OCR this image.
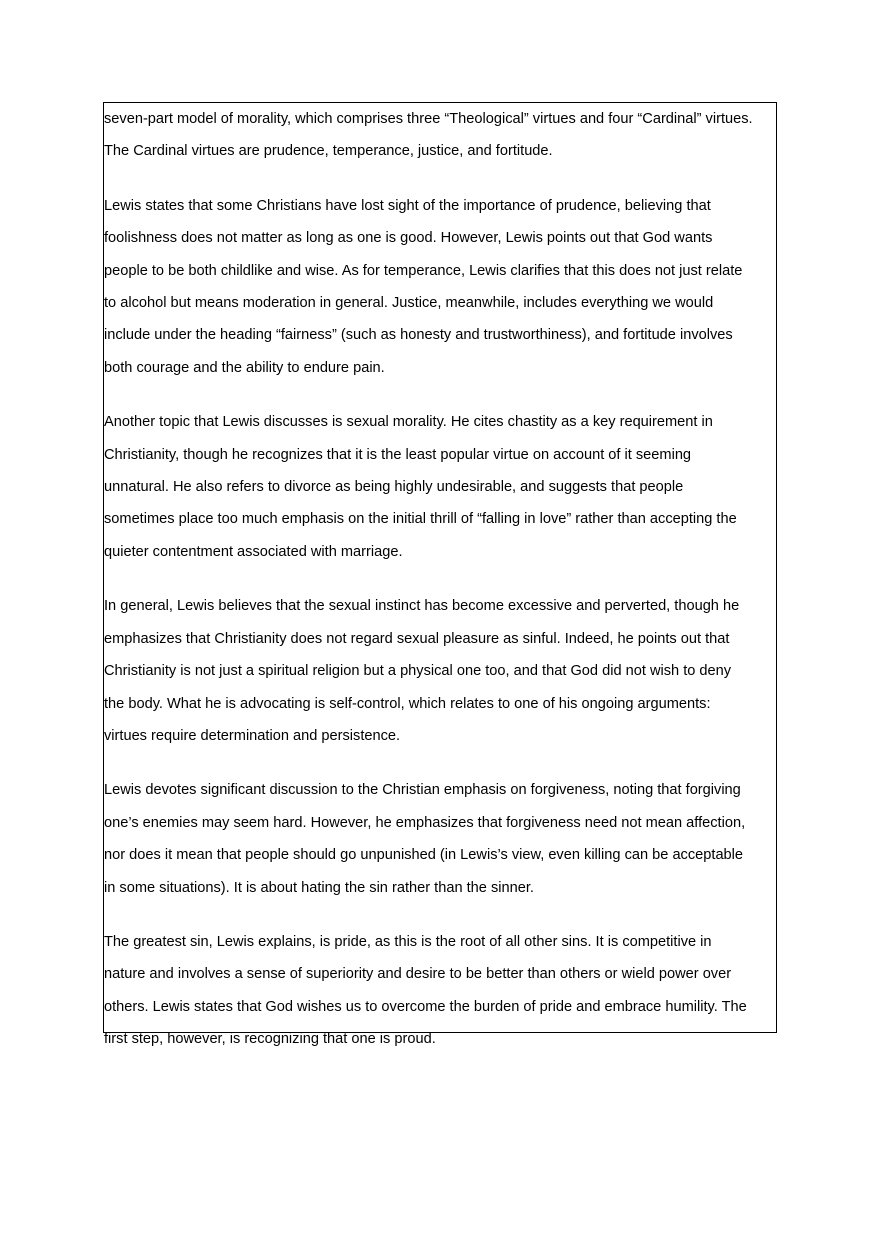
seven-part model of morality, which comprises three “Theological” virtues and four “Cardinal” virtues.
The Cardinal virtues are prudence, temperance, justice, and fortitude.

Lewis states that some Christians have lost sight of the importance of prudence, believing that
foolishness does not matter as long as one is good. However, Lewis points out that God wants
people to be both childlike and wise. As for temperance, Lewis clarifies that this does not just relate
to alcohol but means moderation in general. Justice, meanwhile, includes everything we would
include under the heading “fairness” (such as honesty and trustworthiness), and fortitude involves
both courage and the ability to endure pain.

Another topic that Lewis discusses is sexual morality. He cites chastity as a key requirement in
Christianity, though he recognizes that it is the least popular virtue on account of it seeming
unnatural. He also refers to divorce as being highly undesirable, and suggests that people
sometimes place too much emphasis on the initial thrill of “falling in love” rather than accepting the
quieter contentment associated with marriage.

In general, Lewis believes that the sexual instinct has become excessive and perverted, though he
emphasizes that Christianity does not regard sexual pleasure as sinful. Indeed, he points out that
Christianity is not just a spiritual religion but a physical one too, and that God did not wish to deny
the body. What he is advocating is self-control, which relates to one of his ongoing arguments:
virtues require determination and persistence.

Lewis devotes significant discussion to the Christian emphasis on forgiveness, noting that forgiving
one’s enemies may seem hard. However, he emphasizes that forgiveness need not mean affection,
nor does it mean that people should go unpunished (in Lewis’s view, even killing can be acceptable
in some situations). It is about hating the sin rather than the sinner.

The greatest sin, Lewis explains, is pride, as this is the root of all other sins. It is competitive in
nature and involves a sense of superiority and desire to be better than others or wield power over
others. Lewis states that God wishes us to overcome the burden of pride and embrace humility. The
first step, however, is recognizing that one is proud.
